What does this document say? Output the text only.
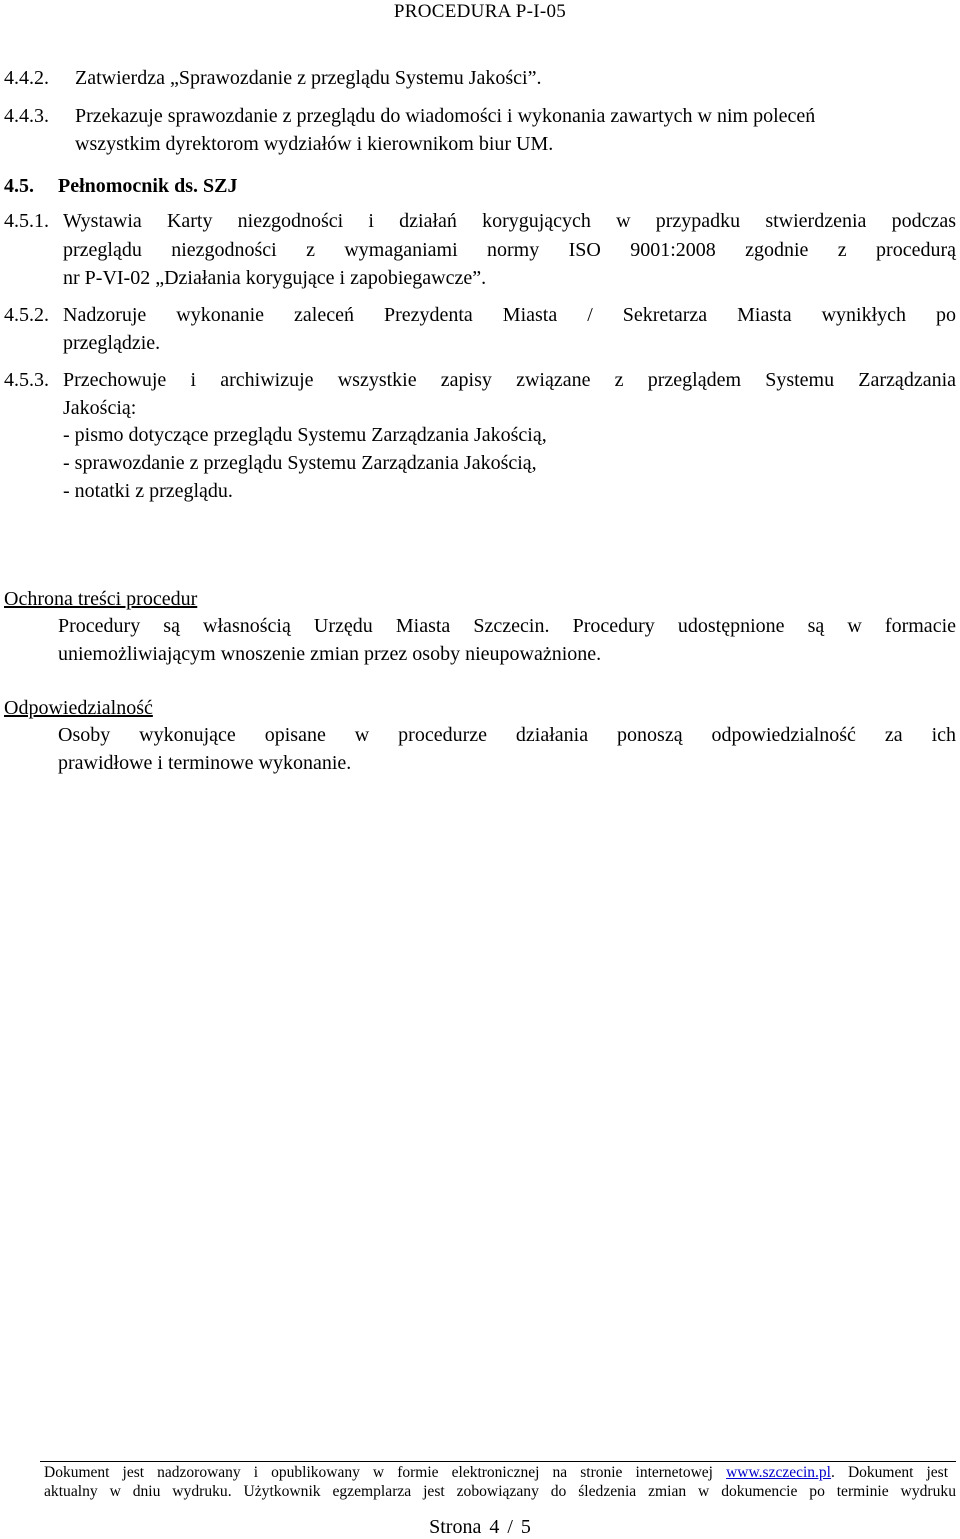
PROCEDURA P-I-05
4.4.2. Zatwierdza „Sprawozdanie z przeglądu Systemu Jakości”.
4.4.3. Przekazuje sprawozdanie z przeglądu do wiadomości i wykonania zawartych w nim poleceń
wszystkim dyrektorom wydziałów i kierownikom biur UM.
4.5. Pełnomocnik ds. SZJ
4.5.1. Wystawia Karty niezgodności i działań korygujących w przypadku stwierdzenia podczas
przeglądu niezgodności z wymaganiami normy ISO 9001:2008 zgodnie z procedurą
nr P-VI-02 „Działania korygujące i zapobiegawcze”.
4.5.2. Nadzoruje wykonanie zaleceń Prezydenta Miasta / Sekretarza Miasta wynikłych po
przeglądzie.
4.5.3. Przechowuje i archiwizuje wszystkie zapisy związane z przeglądem Systemu Zarządzania
Jakością:
- pismo dotyczące przeglądu Systemu Zarządzania Jakością,
- sprawozdanie z przeglądu Systemu Zarządzania Jakością,
- notatki z przeglądu.
Ochrona treści procedur
Procedury są własnością Urzędu Miasta Szczecin. Procedury udostępnione są w formacie
uniemożliwiającym wnoszenie zmian przez osoby nieupoważnione.
Odpowiedzialność
Osoby wykonujące opisane w procedurze działania ponoszą odpowiedzialność za ich
prawidłowe i terminowe wykonanie.
Dokument jest nadzorowany i opublikowany w formie elektronicznej na stronie internetowej www.szczecin.pl. Dokument jest
aktualny w dniu wydruku. Użytkownik egzemplarza jest zobowiązany do śledzenia zmian w dokumencie po terminie wydruku
Strona 4 / 5
